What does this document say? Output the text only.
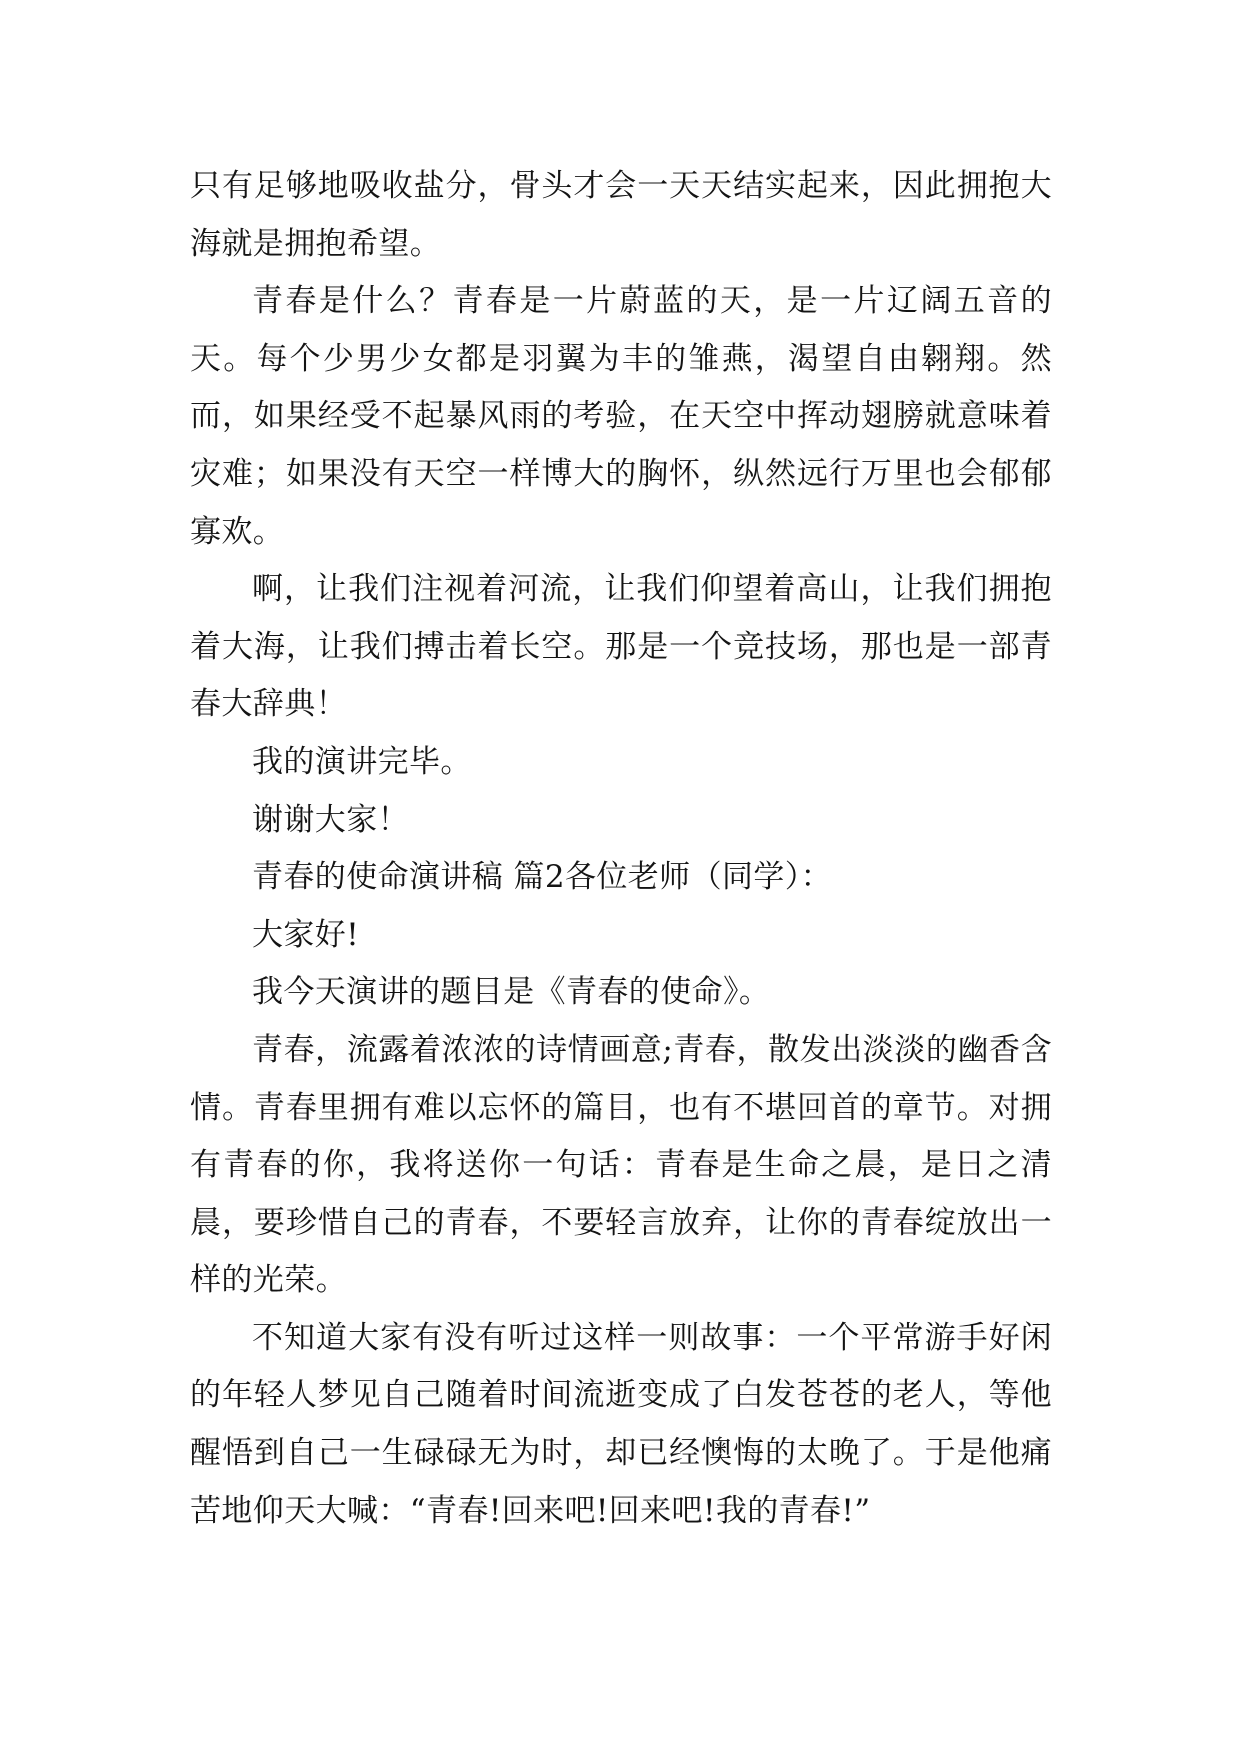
只有足够地吸收盐分，骨头才会一天天结实起来，因此拥抱大海就是拥抱希望。

青春是什么？青春是一片蔚蓝的天，是一片辽阔五音的天。每个少男少女都是羽翼为丰的雏燕，渴望自由翱翔。然而，如果经受不起暴风雨的考验，在天空中挥动翅膀就意味着灾难；如果没有天空一样博大的胸怀，纵然远行万里也会郁郁寡欢。

啊，让我们注视着河流，让我们仰望着高山，让我们拥抱着大海，让我们搏击着长空。那是一个竞技场，那也是一部青春大辞典！

我的演讲完毕。

谢谢大家！

青春的使命演讲稿 篇2各位老师（同学）：

大家好!

我今天演讲的题目是《青春的使命》。

青春，流露着浓浓的诗情画意;青春，散发出淡淡的幽香含情。青春里拥有难以忘怀的篇目，也有不堪回首的章节。对拥有青春的你，我将送你一句话：青春是生命之晨，是日之清晨，要珍惜自己的青春，不要轻言放弃，让你的青春绽放出一样的光荣。

不知道大家有没有听过这样一则故事：一个平常游手好闲的年轻人梦见自己随着时间流逝变成了白发苍苍的老人，等他醒悟到自己一生碌碌无为时，却已经懊悔的太晚了。于是他痛苦地仰天大喊：“青春!回来吧!回来吧!我的青春!”
